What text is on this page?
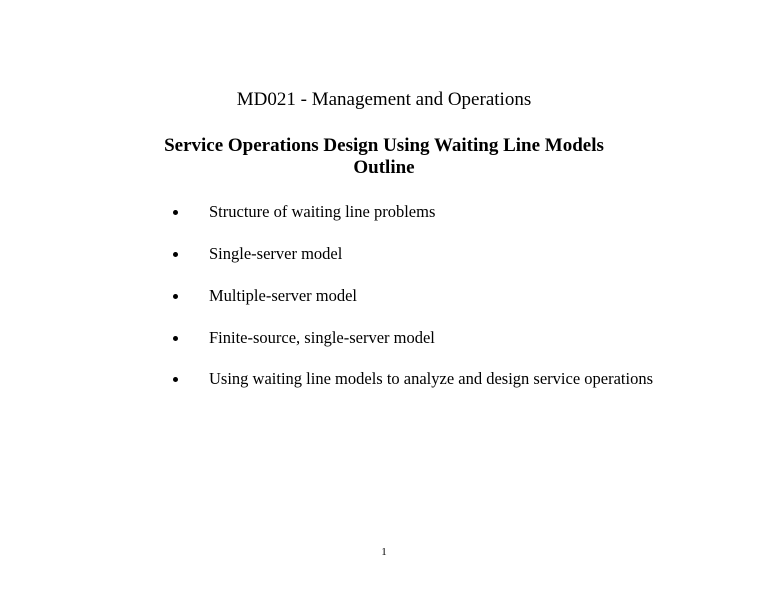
MD021 - Management and Operations
Service Operations Design Using Waiting Line Models
Outline
Structure of waiting line problems
Single-server model
Multiple-server model
Finite-source, single-server model
Using waiting line models to analyze and design service operations
1
